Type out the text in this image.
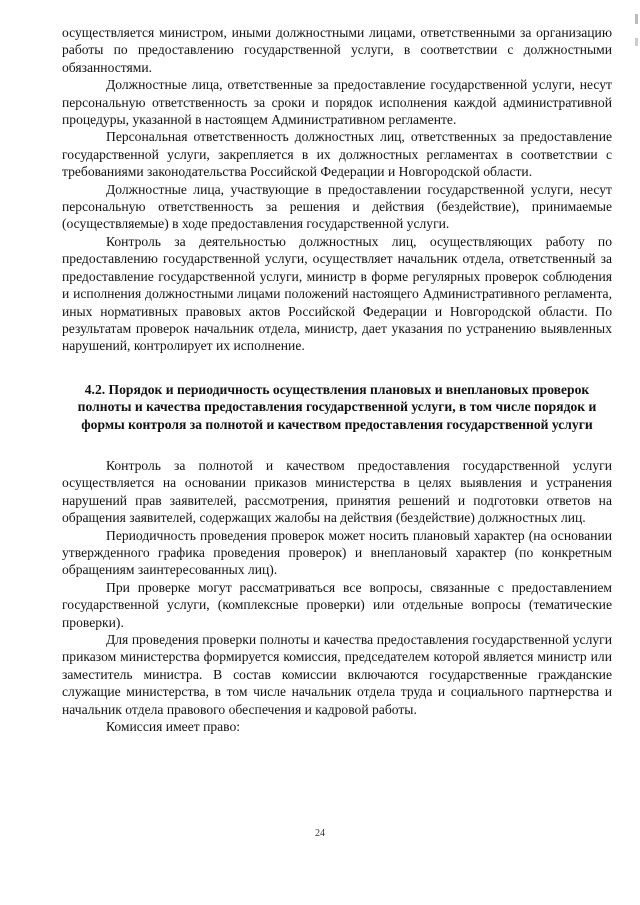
осуществляется министром, иными должностными лицами, ответственными за организацию работы по предоставлению государственной услуги, в соответствии с должностными обязанностями.

Должностные лица, ответственные за предоставление государственной услуги, несут персональную ответственность за сроки и порядок исполнения каждой административной процедуры, указанной в настоящем Административном регламенте.

Персональная ответственность должностных лиц, ответственных за предоставление государственной услуги, закрепляется в их должностных регламентах в соответствии с требованиями законодательства Российской Федерации и Новгородской области.

Должностные лица, участвующие в предоставлении государственной услуги, несут персональную ответственность за решения и действия (бездействие), принимаемые (осуществляемые) в ходе предоставления государственной услуги.

Контроль за деятельностью должностных лиц, осуществляющих работу по предоставлению государственной услуги, осуществляет начальник отдела, ответственный за предоставление государственной услуги, министр в форме регулярных проверок соблюдения и исполнения должностными лицами положений настоящего Административного регламента, иных нормативных правовых актов Российской Федерации и Новгородской области. По результатам проверок начальник отдела, министр, дает указания по устранению выявленных нарушений, контролирует их исполнение.

4.2. Порядок и периодичность осуществления плановых и внеплановых проверок полноты и качества предоставления государственной услуги, в том числе порядок и формы контроля за полнотой и качеством предоставления государственной услуги

Контроль за полнотой и качеством предоставления государственной услуги осуществляется на основании приказов министерства в целях выявления и устранения нарушений прав заявителей, рассмотрения, принятия решений и подготовки ответов на обращения заявителей, содержащих жалобы на действия (бездействие) должностных лиц.

Периодичность проведения проверок может носить плановый характер (на основании утвержденного графика проведения проверок) и внеплановый характер (по конкретным обращениям заинтересованных лиц).

При проверке могут рассматриваться все вопросы, связанные с предоставлением государственной услуги, (комплексные проверки) или отдельные вопросы (тематические проверки).

Для проведения проверки полноты и качества предоставления государственной услуги приказом министерства формируется комиссия, председателем которой является министр или заместитель министра. В состав комиссии включаются государственные гражданские служащие министерства, в том числе начальник отдела труда и социального партнерства и начальник отдела правового обеспечения и кадровой работы.

Комиссия имеет право:

24
